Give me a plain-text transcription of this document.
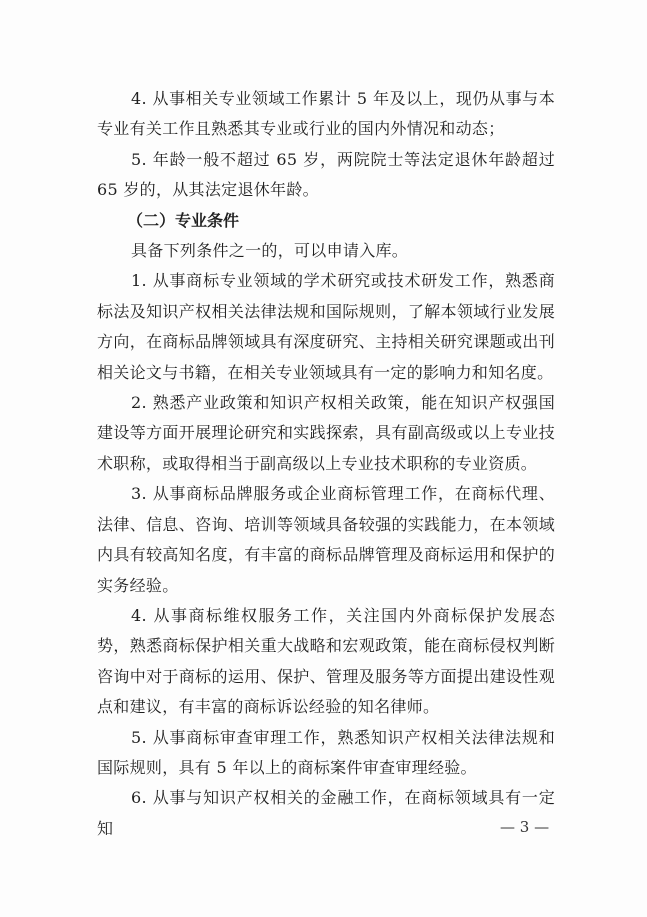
4. 从事相关专业领域工作累计 5 年及以上，现仍从事与本专业有关工作且熟悉其专业或行业的国内外情况和动态；

5. 年龄一般不超过 65 岁，两院院士等法定退休年龄超过 65 岁的，从其法定退休年龄。

（二）专业条件

具备下列条件之一的，可以申请入库。

1. 从事商标专业领域的学术研究或技术研发工作，熟悉商标法及知识产权相关法律法规和国际规则，了解本领域行业发展方向，在商标品牌领域具有深度研究、主持相关研究课题或出刊相关论文与书籍，在相关专业领域具有一定的影响力和知名度。

2. 熟悉产业政策和知识产权相关政策，能在知识产权强国建设等方面开展理论研究和实践探索，具有副高级或以上专业技术职称，或取得相当于副高级以上专业技术职称的专业资质。

3. 从事商标品牌服务或企业商标管理工作，在商标代理、法律、信息、咨询、培训等领域具备较强的实践能力，在本领域内具有较高知名度，有丰富的商标品牌管理及商标运用和保护的实务经验。

4. 从事商标维权服务工作，关注国内外商标保护发展态势，熟悉商标保护相关重大战略和宏观政策，能在商标侵权判断咨询中对于商标的运用、保护、管理及服务等方面提出建设性观点和建议，有丰富的商标诉讼经验的知名律师。

5. 从事商标审查审理工作，熟悉知识产权相关法律法规和国际规则，具有 5 年以上的商标案件审查审理经验。

6. 从事与知识产权相关的金融工作，在商标领域具有一定知	— 3 —
